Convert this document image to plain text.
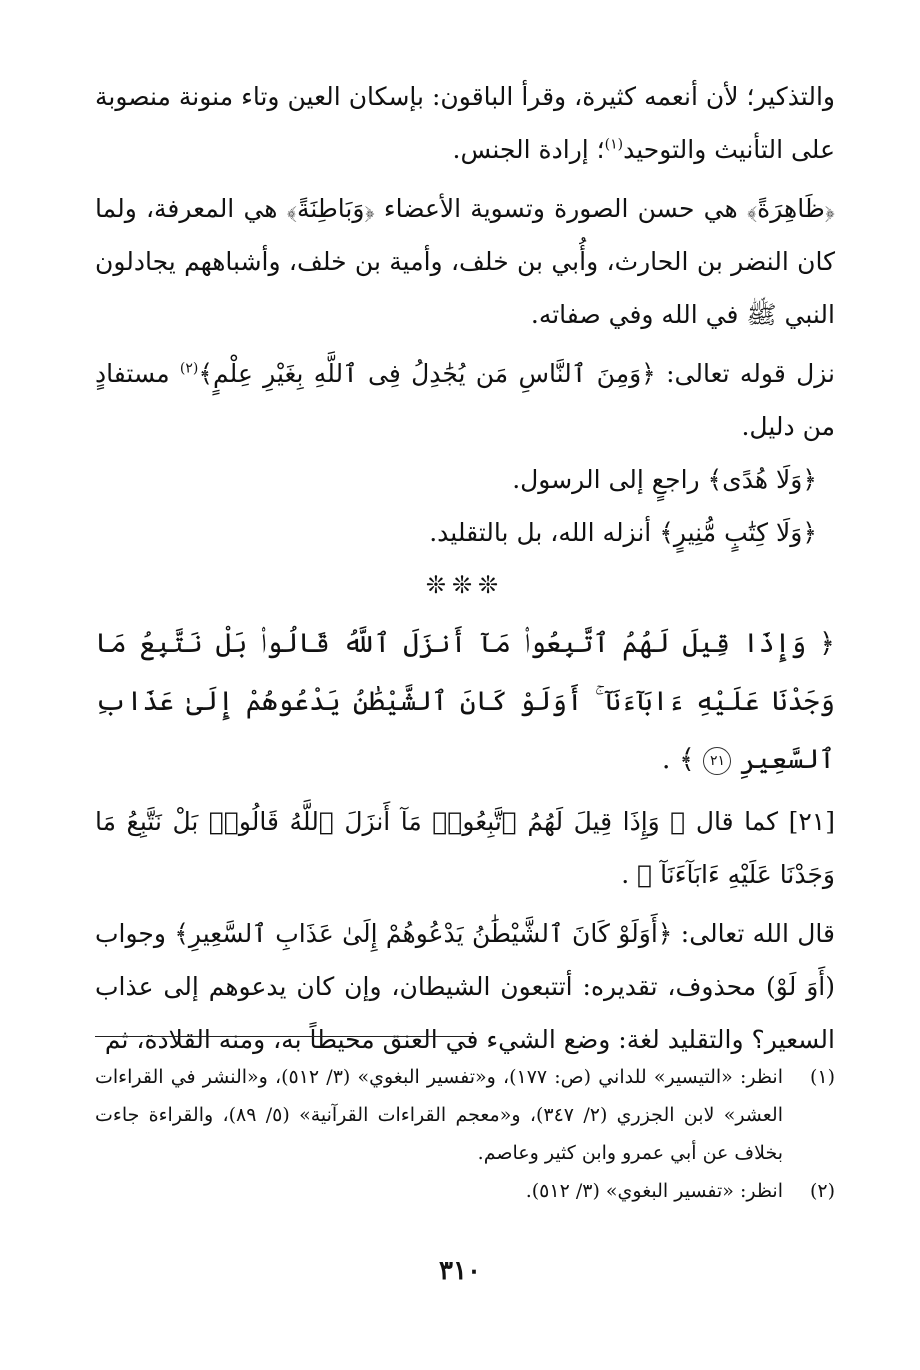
والتذكير؛ لأن أنعمه كثيرة، وقرأ الباقون: بإسكان العين وتاء منونة منصوبة على التأنيث والتوحيد$^{(١)}$؛ إرادة الجنس.

﴿ظَاهِرَةً﴾ هي حسن الصورة وتسوية الأعضاء ﴿وَبَاطِنَةً﴾ هي المعرفة، ولما كان النضر بن الحارث، وأُبي بن خلف، وأمية بن خلف، وأشباههم يجادلون النبي ﷺ في الله وفي صفاته.

نزل قوله تعالى: ﴿وَمِنَ ٱلنَّاسِ مَن يُجَٰدِلُ فِى ٱللَّهِ بِغَيْرِ عِلْمٍ﴾$^{(٢)}$ مستفادٍ من دليل.

﴿وَلَا هُدًى﴾ راجعٍ إلى الرسول.

﴿وَلَا كِتَٰبٍ مُّنِيرٍ﴾ أنزله الله، بل بالتقليد.

❊❊❊

﴿ وَإِذَا قِيلَ لَهُمُ ٱتَّبِعُوا۟ مَآ أَنزَلَ ٱللَّهُ قَالُوا۟ بَلْ نَتَّبِعُ مَا وَجَدْنَا عَلَيْهِ ءَابَآءَنَآ ۚ أَوَلَوْ كَانَ ٱلشَّيْطَٰنُ يَدْعُوهُمْ إِلَىٰ عَذَابِ ٱلسَّعِيرِ ٢١ ﴾ .

[٢١] كما قال ﴿ وَإِذَا قِيلَ لَهُمُ ٱتَّبِعُوا۟ مَآ أَنزَلَ ٱللَّهُ قَالُوا۟ بَلْ نَتَّبِعُ مَا وَجَدْنَا عَلَيْهِ ءَابَآءَنَآ ﴾ .

قال الله تعالى: ﴿أَوَلَوْ كَانَ ٱلشَّيْطَٰنُ يَدْعُوهُمْ إِلَىٰ عَذَابِ ٱلسَّعِيرِ﴾ وجواب (أَوَ لَوْ) محذوف، تقديره: أتتبعون الشيطان، وإن كان يدعوهم إلى عذاب السعير؟ والتقليد لغة: وضع الشيء في العنق محيطاً به، ومنه القلادة، ثم

(١)
انظر: «التيسير» للداني (ص: ١٧٧)، و«تفسير البغوي» (٣/ ٥١٢)، و«النشر في القراءات العشر» لابن الجزري (٢/ ٣٤٧)، و«معجم القراءات القرآنية» (٥/ ٨٩)، والقراءة جاءت بخلاف عن أبي عمرو وابن كثير وعاصم.

(٢)
انظر: «تفسير البغوي» (٣/ ٥١٢).

٣١٠
